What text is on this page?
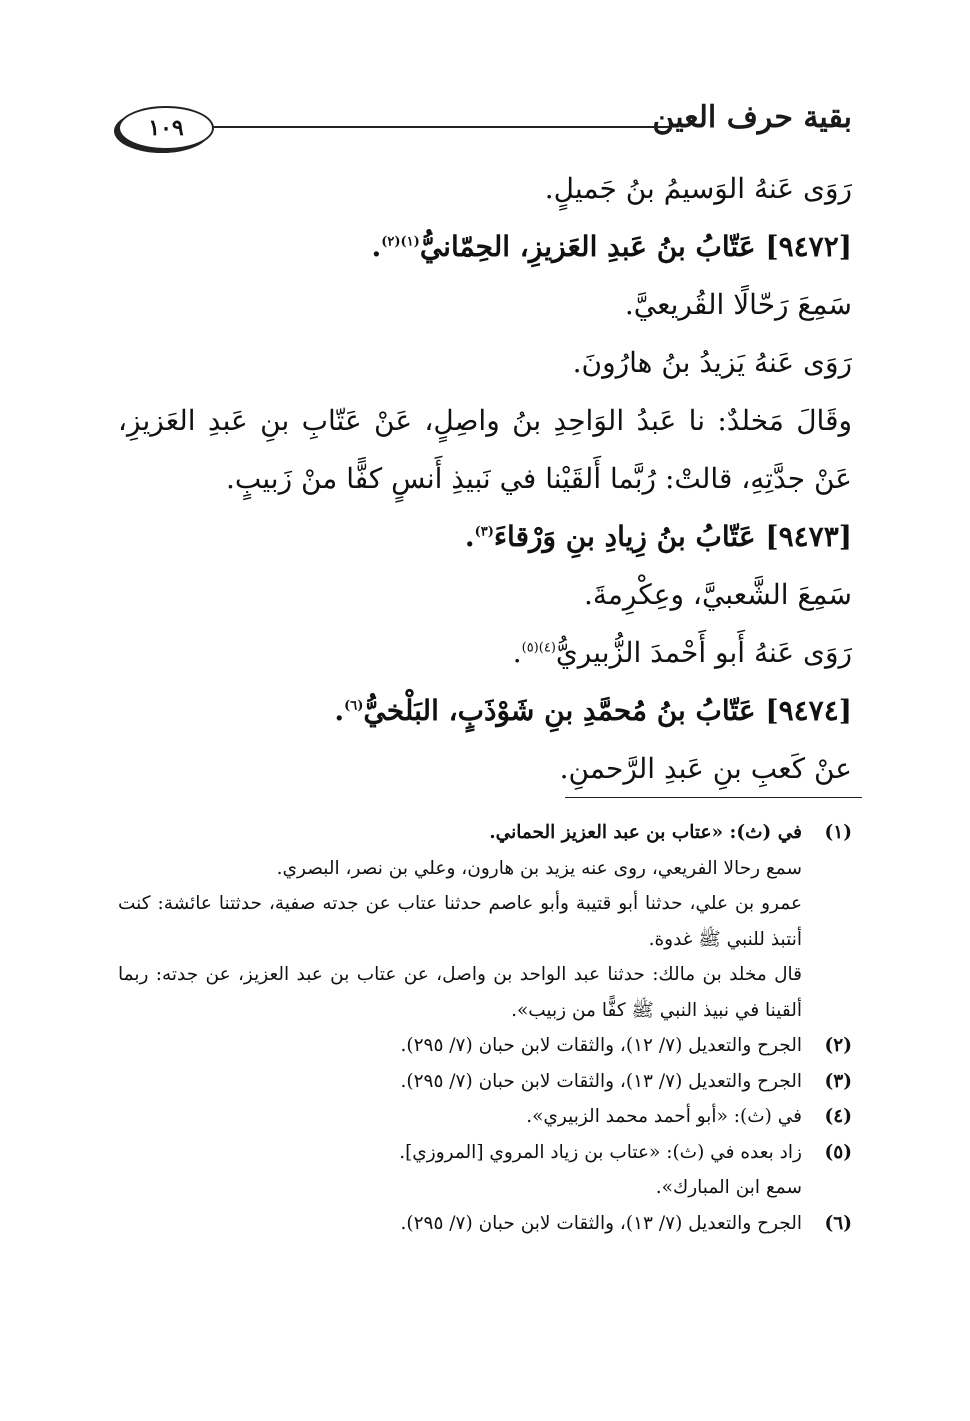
بقية حرف العين
١٠٩
رَوَى عَنهُ الوَسيمُ بنُ جَميلٍ.
[٩٤٧٢] عَتّابُ بنُ عَبدِ العَزيزِ، الحِمّانيُّ$^{(١)(٢)}$.
سَمِعَ رَحّالًا القُريعيَّ.
رَوَى عَنهُ يَزيدُ بنُ هارُونَ.
وقَالَ مَخلدٌ: نا عَبدُ الوَاحِدِ بنُ واصِلٍ، عَنْ عَتّابِ بنِ عَبدِ العَزيزِ، عَنْ جدَّتِهِ، قالتْ: رُبَّما أَلقَيْنا في نَبيذِ أَنسٍ كفًّا منْ زَبيبٍ.
[٩٤٧٣] عَتّابُ بنُ زِيادِ بنِ وَرْقاءَ$^{(٣)}$.
سَمِعَ الشَّعبيَّ، وعِكْرِمةَ.
رَوَى عَنهُ أَبو أَحْمدَ الزُّبيريُّ$^{(٤)(٥)}$.
[٩٤٧٤] عَتّابُ بنُ مُحمَّدِ بنِ شَوْذَبٍ، البَلْخيُّ$^{(٦)}$.
عنْ كَعبِ بنِ عَبدِ الرَّحمنِ.
(١)
في (ث): «عتاب بن عبد العزيز الحماني.
سمع رحالا الفريعي، روى عنه يزيد بن هارون، وعلي بن نصر، البصري.
عمرو بن علي، حدثنا أبو قتيبة وأبو عاصم حدثنا عتاب عن جدته صفية، حدثتنا عائشة: كنت أنتبذ للنبي ﷺ غدوة.
قال مخلد بن مالك: حدثنا عبد الواحد بن واصل، عن عتاب بن عبد العزيز، عن جدته: ربما ألقينا في نبيذ النبي ﷺ كفًّا من زبيب».
(٢)
الجرح والتعديل (٧/ ١٢)، والثقات لابن حبان (٧/ ٢٩٥).
(٣)
الجرح والتعديل (٧/ ١٣)، والثقات لابن حبان (٧/ ٢٩٥).
(٤)
في (ث): «أبو أحمد محمد الزبيري».
(٥)
زاد بعده في (ث): «عتاب بن زياد المروي [المروزي].
سمع ابن المبارك».
(٦)
الجرح والتعديل (٧/ ١٣)، والثقات لابن حبان (٧/ ٢٩٥).
